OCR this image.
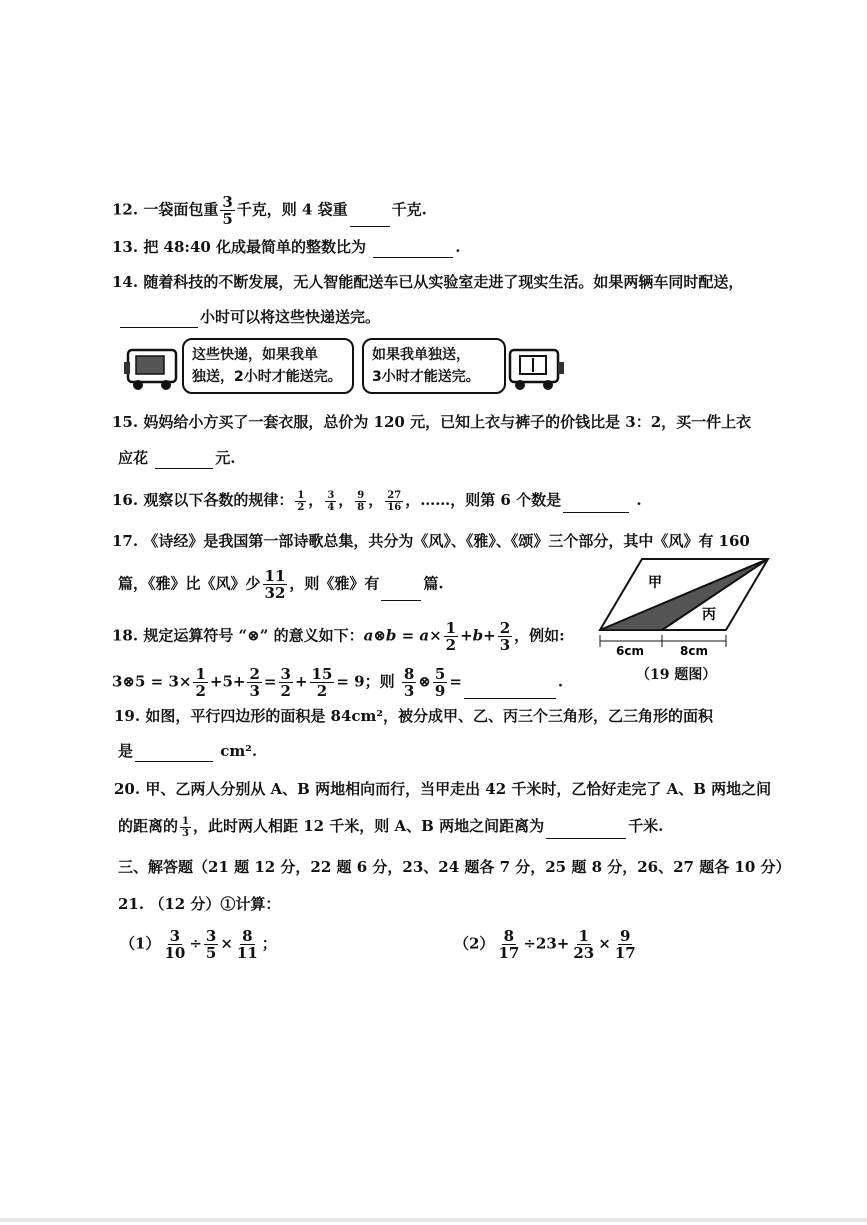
12. 一袋面包重 $\frac{3}{5}$ 千克，则 4 袋重	千克.
13. 把 48:40 化成最简单的整数比为	.
14. 随着科技的不断发展，无人智能配送车已从实验室走进了现实生活。如果两辆车同时配送，
小时可以将这些快递送完。
这些快递，如果我单
独送，2小时才能送完。
如果我单独送，
3小时才能送完。
15. 妈妈给小方买了一套衣服，总价为 120 元，已知上衣与裤子的价钱比是 3：2，买一件上衣
应花	元.
16. 观察以下各数的规律： $\frac{1}{2}$ ， $\frac{3}{4}$ ， $\frac{9}{8}$ ， $\frac{27}{16}$ ，……，则第 6 个数是	.
17. 《诗经》是我国第一部诗歌总集，共分为《风》、《雅》、《颂》三个部分，其中《风》有 160
篇，《雅》比《风》少 $\frac{11}{32}$ ，则《雅》有	篇.
18. 规定运算符号 “⊗” 的意义如下：a⊗b = $a\times \frac{1}{2} +b+ \frac{2}{3}$ ，例如:
3⊗5 = $3\times \frac{1}{2} +5+ \frac{2}{3} = \frac{3}{2} + \frac{15}{2} = 9$；则 $\frac{8}{3}$ ⊗ $\frac{5}{9}$ =	.
甲
丙
6cm	8cm
（19 题图）
19. 如图，平行四边形的面积是 84cm²，被分成甲、乙、丙三个三角形，乙三角形的面积
是	cm².
20. 甲、乙两人分别从 A、B 两地相向而行，当甲走出 42 千米时，乙恰好走完了 A、B 两地之间
的距离的 $\frac{1}{3}$ ，此时两人相距 12 千米，则 A、B 两地之间距离为	千米.
三、解答题（21 题 12 分，22 题 6 分，23、24 题各 7 分，25 题 8 分，26、27 题各 10 分）
21. （12 分）①计算：
$(1) \frac{3}{10} \div \frac{3}{5} \times \frac{8}{11}$ ；	$(2) \frac{8}{17} \div 23+ \frac{1}{23} \times \frac{9}{17}$
